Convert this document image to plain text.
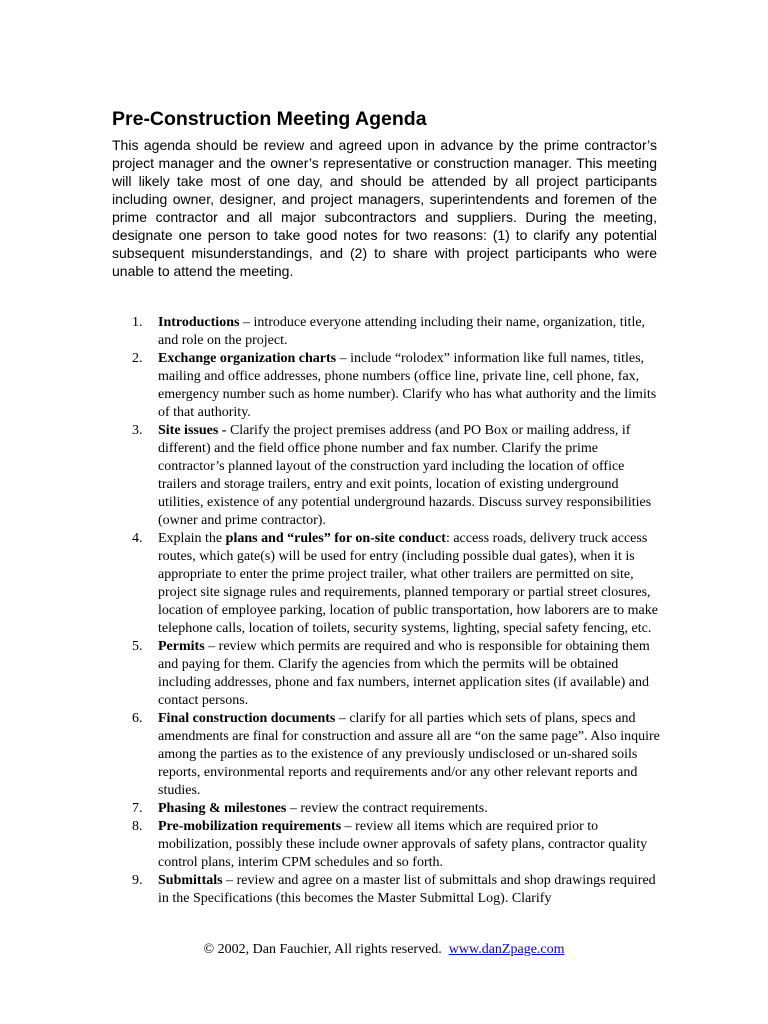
Pre-Construction Meeting Agenda

This agenda should be review and agreed upon in advance by the prime contractor’s project manager and the owner’s representative or construction manager. This meeting will likely take most of one day, and should be attended by all project participants including owner, designer, and project managers, superintendents and foremen of the prime contractor and all major subcontractors and suppliers. During the meeting, designate one person to take good notes for two reasons: (1) to clarify any potential subsequent misunderstandings, and (2) to share with project participants who were unable to attend the meeting.

1. Introductions – introduce everyone attending including their name, organization, title, and role on the project.
2. Exchange organization charts – include “rolodex” information like full names, titles, mailing and office addresses, phone numbers (office line, private line, cell phone, fax, emergency number such as home number). Clarify who has what authority and the limits of that authority.
3. Site issues - Clarify the project premises address (and PO Box or mailing address, if different) and the field office phone number and fax number. Clarify the prime contractor’s planned layout of the construction yard including the location of office trailers and storage trailers, entry and exit points, location of existing underground utilities, existence of any potential underground hazards. Discuss survey responsibilities (owner and prime contractor).
4. Explain the plans and “rules” for on-site conduct: access roads, delivery truck access routes, which gate(s) will be used for entry (including possible dual gates), when it is appropriate to enter the prime project trailer, what other trailers are permitted on site, project site signage rules and requirements, planned temporary or partial street closures, location of employee parking, location of public transportation, how laborers are to make telephone calls, location of toilets, security systems, lighting, special safety fencing, etc.
5. Permits – review which permits are required and who is responsible for obtaining them and paying for them. Clarify the agencies from which the permits will be obtained including addresses, phone and fax numbers, internet application sites (if available) and contact persons.
6. Final construction documents – clarify for all parties which sets of plans, specs and amendments are final for construction and assure all are “on the same page”. Also inquire among the parties as to the existence of any previously undisclosed or un-shared soils reports, environmental reports and requirements and/or any other relevant reports and studies.
7. Phasing & milestones – review the contract requirements.
8. Pre-mobilization requirements – review all items which are required prior to mobilization, possibly these include owner approvals of safety plans, contractor quality control plans, interim CPM schedules and so forth.
9. Submittals – review and agree on a master list of submittals and shop drawings required in the Specifications (this becomes the Master Submittal Log). Clarify
© 2002, Dan Fauchier, All rights reserved. www.danZpage.com
